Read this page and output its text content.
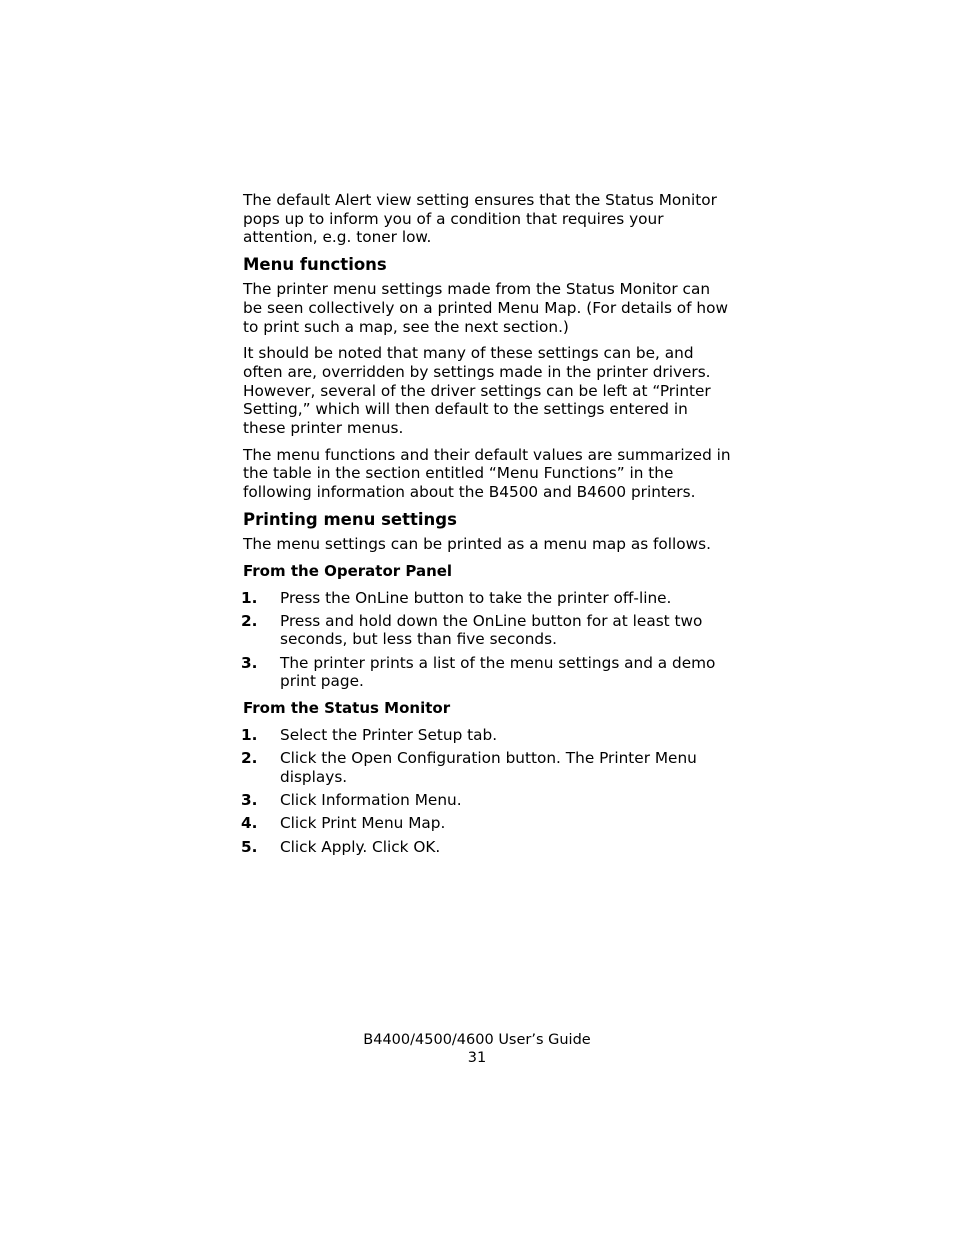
The default Alert view setting ensures that the Status Monitor pops up to inform you of a condition that requires your attention, e.g. toner low.

Menu functions

The printer menu settings made from the Status Monitor can be seen collectively on a printed Menu Map. (For details of how to print such a map, see the next section.)

It should be noted that many of these settings can be, and often are, overridden by settings made in the printer drivers. However, several of the driver settings can be left at “Printer Setting,” which will then default to the settings entered in these printer menus.

The menu functions and their default values are summarized in the table in the section entitled “Menu Functions” in the following information about the B4500 and B4600 printers.

Printing menu settings

The menu settings can be printed as a menu map as follows.

From the Operator Panel
1. Press the OnLine button to take the printer off-line.
2. Press and hold down the OnLine button for at least two seconds, but less than five seconds.
3. The printer prints a list of the menu settings and a demo print page.
From the Status Monitor
1. Select the Printer Setup tab.
2. Click the Open Configuration button. The Printer Menu displays.
3. Click Information Menu.
4. Click Print Menu Map.
5. Click Apply. Click OK.
B4400/4500/4600 User’s Guide
31
